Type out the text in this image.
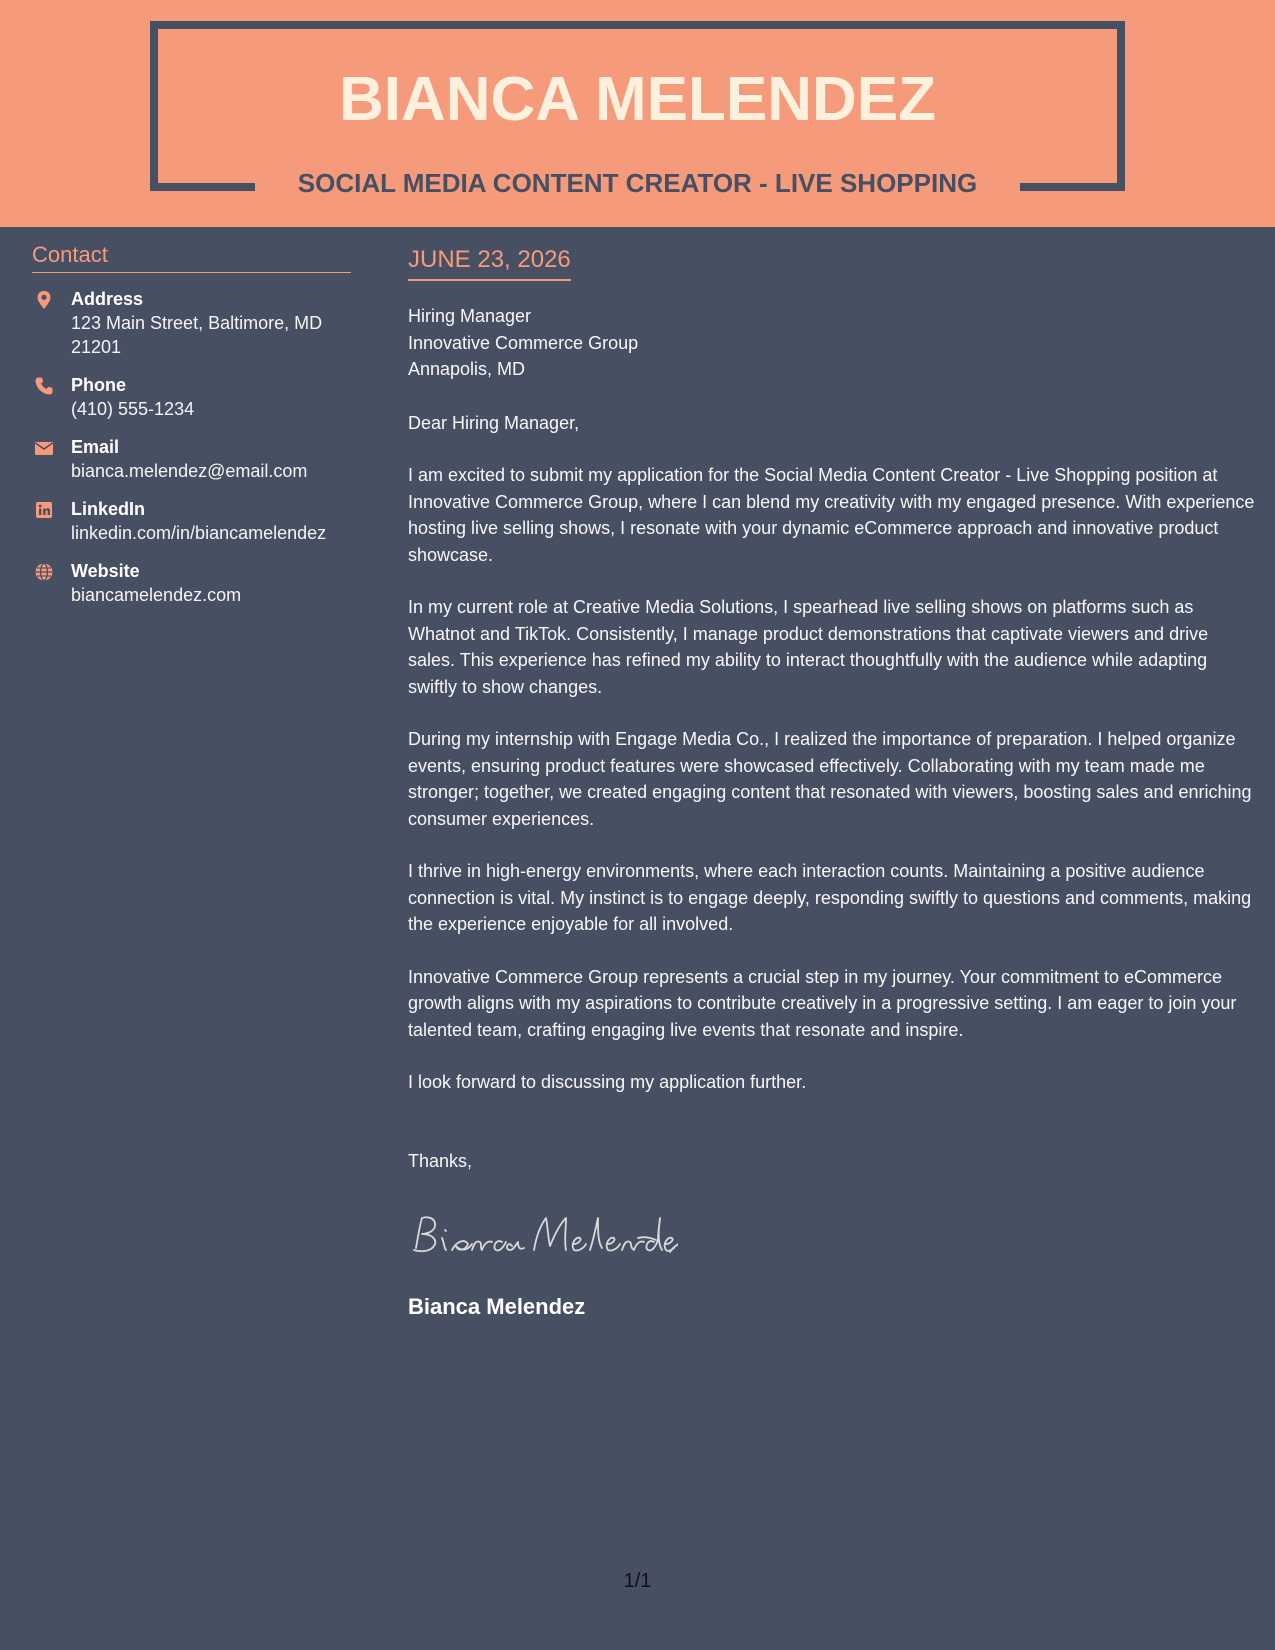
BIANCA MELENDEZ
SOCIAL MEDIA CONTENT CREATOR - LIVE SHOPPING
Contact
Address
123 Main Street, Baltimore, MD 21201
Phone
(410) 555-1234
Email
bianca.melendez@email.com
LinkedIn
linkedin.com/in/biancamelendez
Website
biancamelendez.com
JUNE 23, 2026
Hiring Manager
Innovative Commerce Group
Annapolis, MD
Dear Hiring Manager,

I am excited to submit my application for the Social Media Content Creator - Live Shopping position at Innovative Commerce Group, where I can blend my creativity with my engaged presence. With experience hosting live selling shows, I resonate with your dynamic eCommerce approach and innovative product showcase.

In my current role at Creative Media Solutions, I spearhead live selling shows on platforms such as Whatnot and TikTok. Consistently, I manage product demonstrations that captivate viewers and drive sales. This experience has refined my ability to interact thoughtfully with the audience while adapting swiftly to show changes.

During my internship with Engage Media Co., I realized the importance of preparation. I helped organize events, ensuring product features were showcased effectively. Collaborating with my team made me stronger; together, we created engaging content that resonated with viewers, boosting sales and enriching consumer experiences.

I thrive in high-energy environments, where each interaction counts. Maintaining a positive audience connection is vital. My instinct is to engage deeply, responding swiftly to questions and comments, making the experience enjoyable for all involved.

Innovative Commerce Group represents a crucial step in my journey. Your commitment to eCommerce growth aligns with my aspirations to contribute creatively in a progressive setting. I am eager to join your talented team, crafting engaging live events that resonate and inspire.

I look forward to discussing my application further.

Thanks,
Bianca Melendez
1/1
